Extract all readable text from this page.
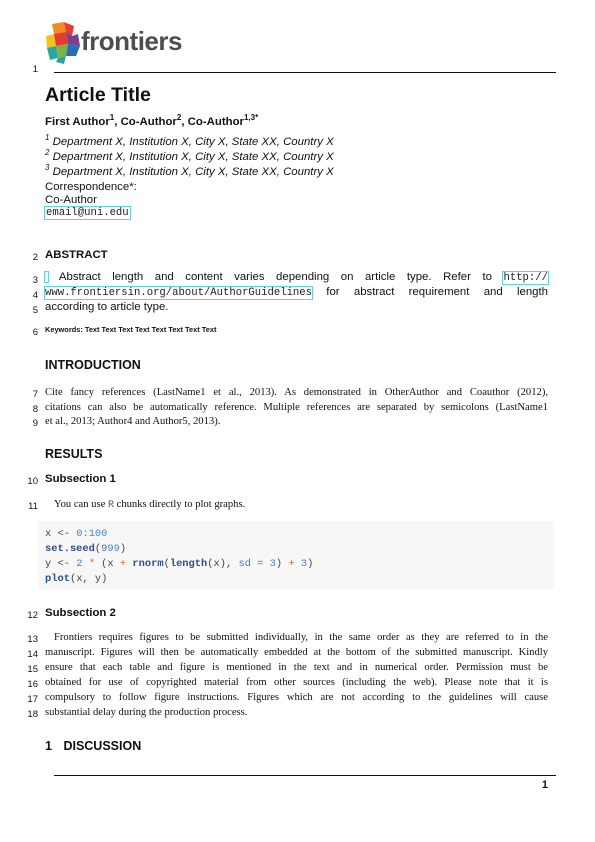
frontiers
1
Article Title
First Author$^1$, Co-Author$^2$, Co-Author$^{1,3*}$
$^1$ Department X, Institution X, City X, State XX, Country X
$^2$ Department X, Institution X, City X, State XX, Country X
$^3$ Department X, Institution X, City X, State XX, Country X
Correspondence*:
Co-Author
email@uni.edu
2 ABSTRACT
3	Abstract length and content varies depending on article type. Refer to http://
4 www.frontiersin.org/about/AuthorGuidelines for abstract requirement and length
5 according to article type.
6 Keywords: Text Text Text Text Text Text Text Text
INTRODUCTION
7 Cite fancy references (LastName1 et al., 2013). As demonstrated in OtherAuthor and Coauthor (2012),
8 citations can also be automatically reference. Multiple references are separated by semicolons (LastName1
9 et al., 2013; Author4 and Author5, 2013).
RESULTS
10 Subsection 1
11 You can use R chunks directly to plot graphs.
x <- 0:100
set.seed(999)
y <- 2 * (x + rnorm(length(x), sd = 3) + 3)
plot(x, y)
12 Subsection 2
13 Frontiers requires figures to be submitted individually, in the same order as they are referred to in the
14 manuscript. Figures will then be automatically embedded at the bottom of the submitted manuscript. Kindly
15 ensure that each table and figure is mentioned in the text and in numerical order. Permission must be
16 obtained for use of copyrighted material from other sources (including the web). Please note that it is
17 compulsory to follow figure instructions. Figures which are not according to the guidelines will cause
18 substantial delay during the production process.
1 DISCUSSION
1
